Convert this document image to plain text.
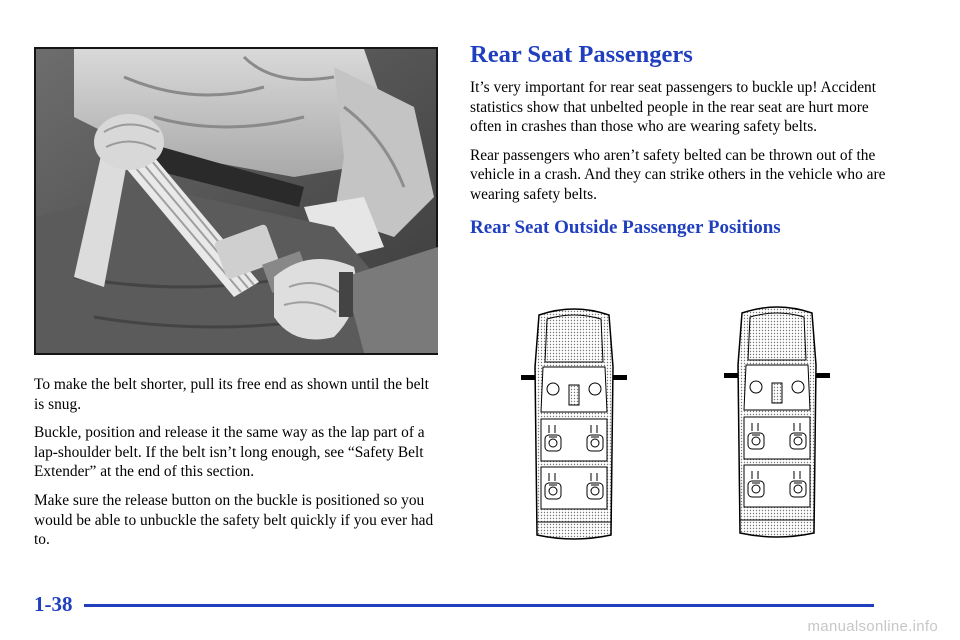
To make the belt shorter, pull its free end as shown until the belt is snug.

Buckle, position and release it the same way as the lap part of a lap‑shoulder belt. If the belt isn’t long enough, see “Safety Belt Extender” at the end of this section.

Make sure the release button on the buckle is positioned so you would be able to unbuckle the safety belt quickly if you ever had to.

Rear Seat Passengers

It’s very important for rear seat passengers to buckle up! Accident statistics show that unbelted people in the rear seat are hurt more often in crashes than those who are wearing safety belts.

Rear passengers who aren’t safety belted can be thrown out of the vehicle in a crash. And they can strike others in the vehicle who are wearing safety belts.

Rear Seat Outside Passenger Positions
1-38
manualsonline.info
